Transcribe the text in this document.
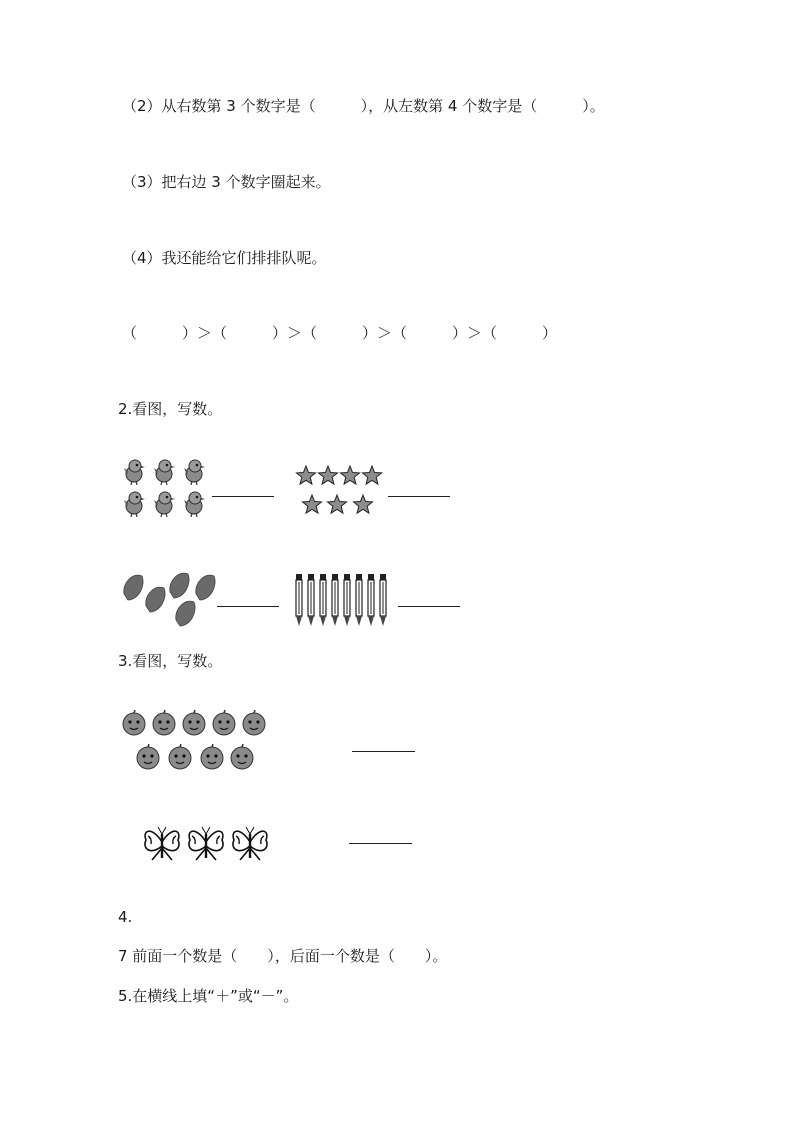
（2）从右数第 3 个数字是（　　　），从左数第 4 个数字是（　　　）。
（3）把右边 3 个数字圈起来。
（4）我还能给它们排排队呢。
（　　　）＞（　　　）＞（　　　）＞（　　　）＞（　　　）
2.看图，写数。
3.看图，写数。
4.
7 前面一个数是（　　），后面一个数是（　　）。
5.在横线上填“＋”或“－”。
